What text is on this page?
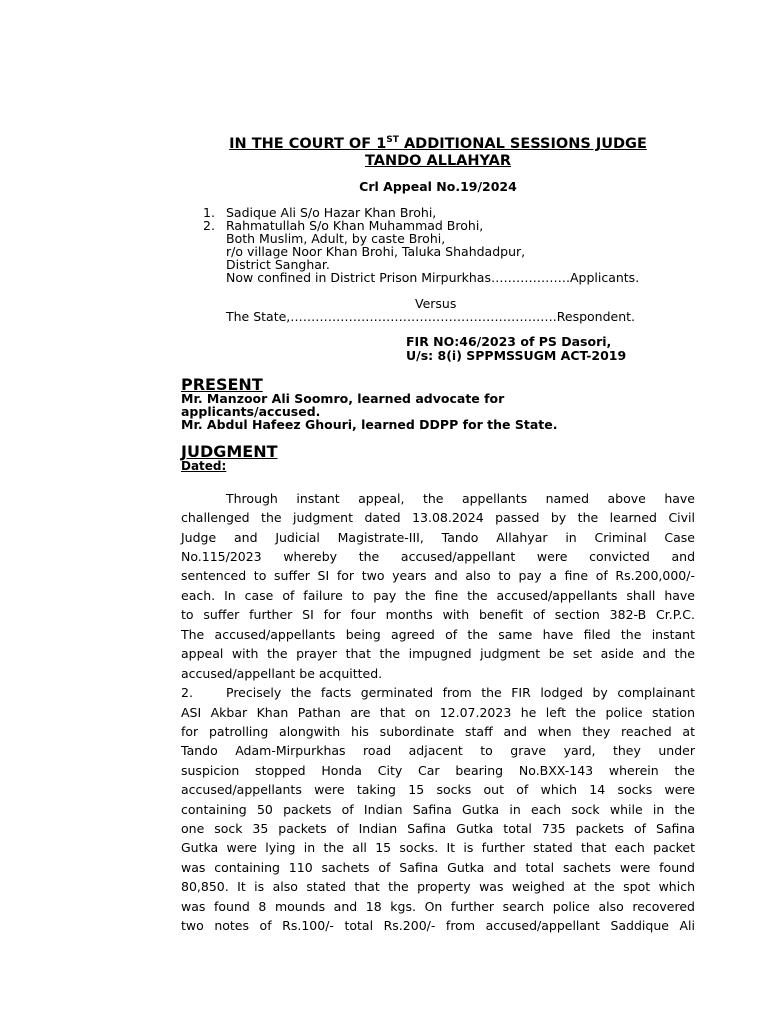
IN THE COURT OF 1ST ADDITIONAL SESSIONS JUDGE
TANDO ALLAHYAR
Crl Appeal No.19/2024
1. Sadique Ali S/o Hazar Khan Brohi,
2. Rahmatullah S/o Khan Muhammad Brohi,
Both Muslim, Adult, by caste Brohi,
r/o village Noor Khan Brohi, Taluka Shahdadpur,
District Sanghar.
Now confined in District Prison Mirpurkhas……………….Applicants.
Versus
The State,……………………………………………………….Respondent.
FIR NO:46/2023 of PS Dasori,
U/s: 8(i) SPPMSSUGM ACT-2019
PRESENT
Mr. Manzoor Ali Soomro, learned advocate for
applicants/accused.
Mr. Abdul Hafeez Ghouri, learned DDPP for the State.
JUDGMENT
Dated:
Through instant appeal, the appellants named above have
challenged the judgment dated 13.08.2024 passed by the learned Civil
Judge and Judicial Magistrate-III, Tando Allahyar in Criminal Case
No.115/2023 whereby the accused/appellant were convicted and
sentenced to suffer SI for two years and also to pay a fine of Rs.200,000/-
each. In case of failure to pay the fine the accused/appellants shall have
to suffer further SI for four months with benefit of section 382-B Cr.P.C.
The accused/appellants being agreed of the same have filed the instant
appeal with the prayer that the impugned judgment be set aside and the
accused/appellant be acquitted.
2.	Precisely the facts germinated from the FIR lodged by complainant
ASI Akbar Khan Pathan are that on 12.07.2023 he left the police station
for patrolling alongwith his subordinate staff and when they reached at
Tando Adam-Mirpurkhas road adjacent to grave yard, they under
suspicion stopped Honda City Car bearing No.BXX-143 wherein the
accused/appellants were taking 15 socks out of which 14 socks were
containing 50 packets of Indian Safina Gutka in each sock while in the
one sock 35 packets of Indian Safina Gutka total 735 packets of Safina
Gutka were lying in the all 15 socks. It is further stated that each packet
was containing 110 sachets of Safina Gutka and total sachets were found
80,850. It is also stated that the property was weighed at the spot which
was found 8 mounds and 18 kgs. On further search police also recovered
two notes of Rs.100/- total Rs.200/- from accused/appellant Saddique Ali
